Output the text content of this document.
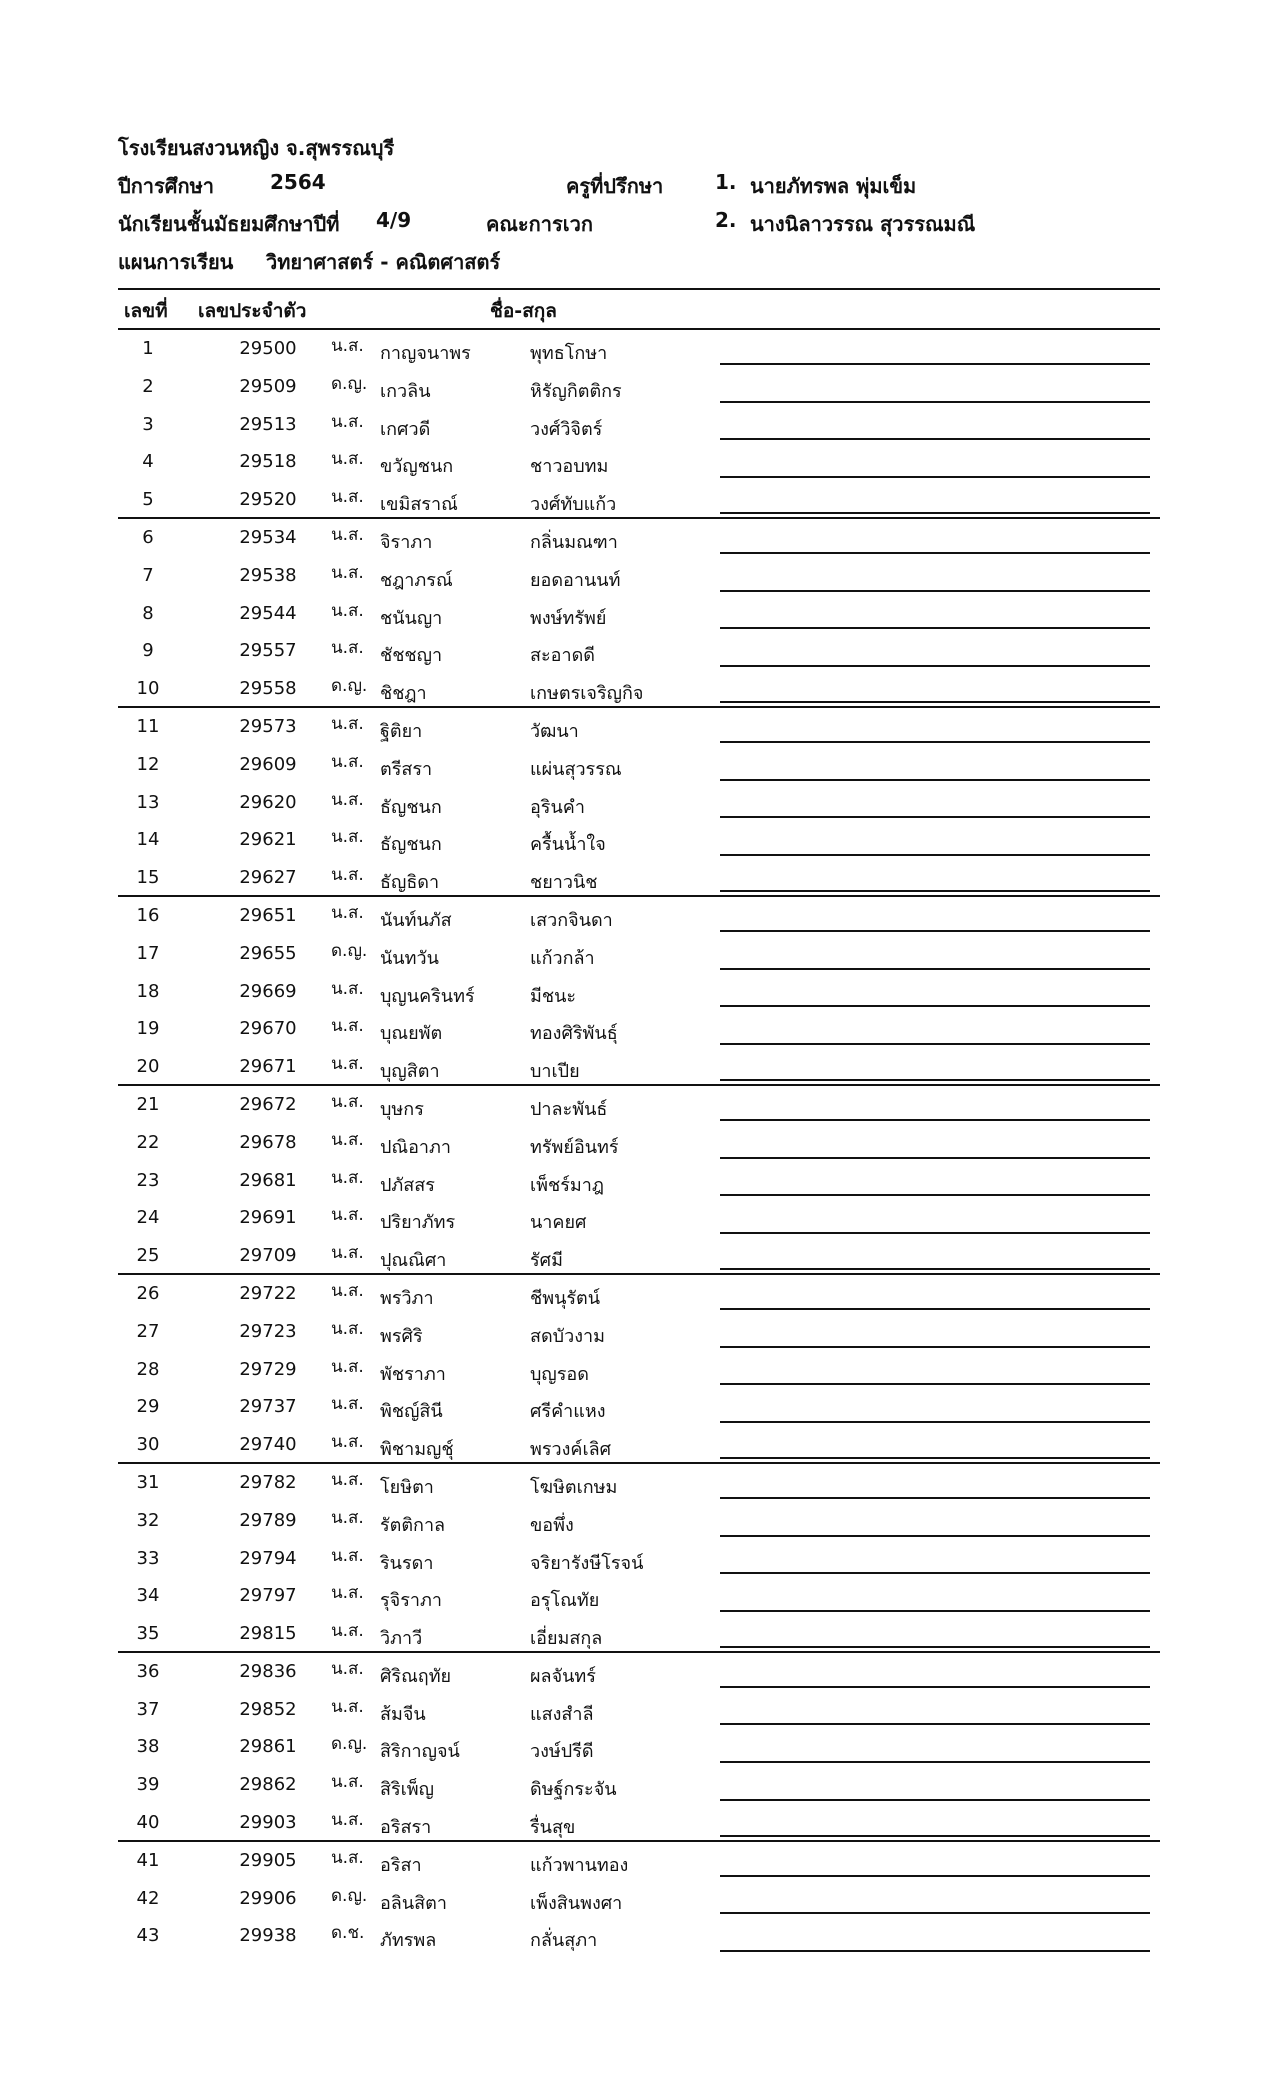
โรงเรียนสงวนหญิง จ.สุพรรณบุรี
ปีการศึกษา	2564	ครูที่ปรึกษา	1. นายภัทรพล พุ่มเข็ม
นักเรียนชั้นมัธยมศึกษาปีที่ 4/9	คณะการเวก	2. นางนิลาวรรณ สุวรรณมณี
แผนการเรียน วิทยาศาสตร์ - คณิตศาสตร์
เลขที่ เลขประจำตัว	ชื่อ-สกุล
1	29500	น.ส. กาญจนาพร	พุทธโกษา
2	29509	ด.ญ. เกวลิน	หิรัญกิตติกร
3	29513	น.ส. เกศวดี	วงศ์วิจิตร์
4	29518	น.ส. ขวัญชนก	ชาวอบทม
5	29520	น.ส. เขมิสราณ์	วงศ์ทับแก้ว
6	29534	น.ส. จิราภา	กลิ่นมณฑา
7	29538	น.ส. ชฎาภรณ์	ยอดอานนท์
8	29544	น.ส. ชนันญา	พงษ์ทรัพย์
9	29557	น.ส. ชัชชญา	สะอาดดี
10	29558	ด.ญ. ชิชฎา	เกษตรเจริญกิจ
11	29573	น.ส. ฐิติยา	วัฒนา
12	29609	น.ส. ตรีสรา	แผ่นสุวรรณ
13	29620	น.ส. ธัญชนก	อุรินคำ
14	29621	น.ส. ธัญชนก	ครื้นน้ำใจ
15	29627	น.ส. ธัญธิดา	ชยาวนิช
16	29651	น.ส. นันท์นภัส	เสวกจินดา
17	29655	ด.ญ. นันทวัน	แก้วกล้า
18	29669	น.ส. บุญนครินทร์	มีชนะ
19	29670	น.ส. บุณยพัต	ทองศิริพันธุ์
20	29671	น.ส. บุญสิตา	บาเปีย
21	29672	น.ส. บุษกร	ปาละพันธ์
22	29678	น.ส. ปณิอาภา	ทรัพย์อินทร์
23	29681	น.ส. ปภัสสร	เพ็ชร์มาฎ
24	29691	น.ส. ปริยาภัทร	นาคยศ
25	29709	น.ส. ปุณณิศา	รัศมี
26	29722	น.ส. พรวิภา	ชีพนุรัตน์
27	29723	น.ส. พรศิริ	สดบัวงาม
28	29729	น.ส. พัชราภา	บุญรอด
29	29737	น.ส. พิชญ์สินี	ศรีคำแหง
30	29740	น.ส. พิชามญชุ์	พรวงค์เลิศ
31	29782	น.ส. โยษิตา	โฆษิตเกษม
32	29789	น.ส. รัตติกาล	ขอพึ่ง
33	29794	น.ส. รินรดา	จริยารังษีโรจน์
34	29797	น.ส. รุจิราภา	อรุโณทัย
35	29815	น.ส. วิภาวี	เอี่ยมสกุล
36	29836	น.ส. ศิริณฤทัย	ผลจันทร์
37	29852	น.ส. ส้มจีน	แสงสำลี
38	29861	ด.ญ. สิริกาญจน์	วงษ์ปรีดี
39	29862	น.ส. สิริเพ็ญ	ดิษฐ์กระจัน
40	29903	น.ส. อริสรา	รื่นสุข
41	29905	น.ส. อริสา	แก้วพานทอง
42	29906	ด.ญ. อลินสิตา	เพ็งสินพงศา
43	29938	ด.ช. ภัทรพล	กลั่นสุภา
